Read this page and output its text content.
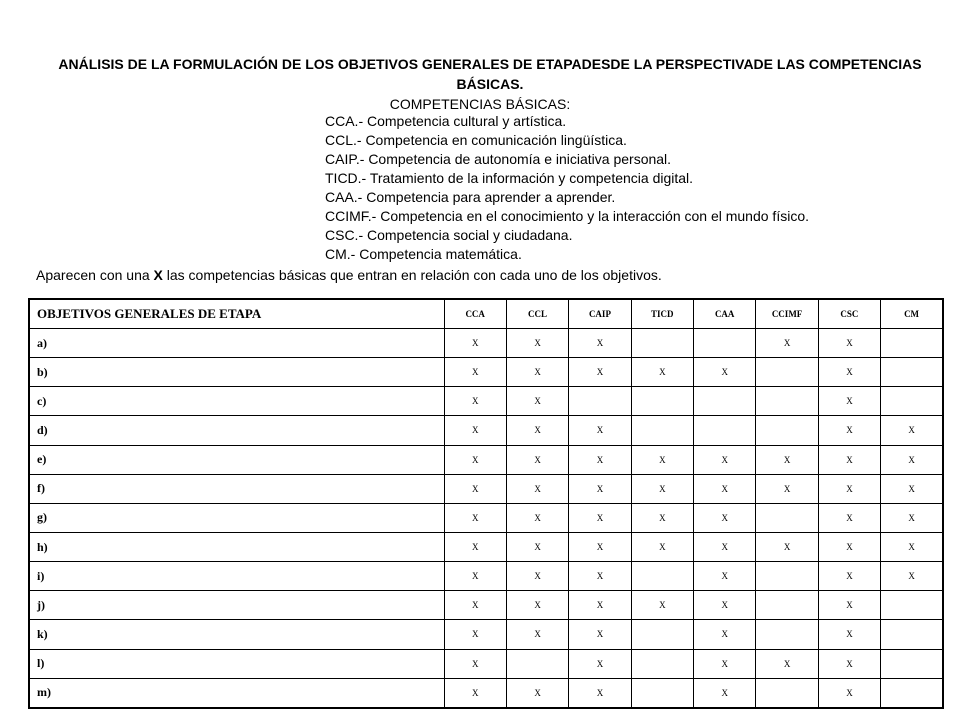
ANÁLISIS DE LA FORMULACIÓN DE LOS OBJETIVOS GENERALES DE ETAPADESDE LA PERSPECTIVADE LAS COMPETENCIAS BÁSICAS.
COMPETENCIAS BÁSICAS:
CCA.- Competencia cultural y artística.
CCL.- Competencia en comunicación lingüística.
CAIP.- Competencia de autonomía e iniciativa personal.
TICD.- Tratamiento de la información y competencia digital.
CAA.- Competencia para aprender a aprender.
CCIMF.- Competencia en el conocimiento y la interacción con el mundo físico.
CSC.- Competencia social y ciudadana.
CM.- Competencia matemática.
Aparecen con una X las competencias básicas que entran en relación con cada uno de los objetivos.
OBJETIVOS GENERALES DE ETAPA	CCA	CCL	CAIP	TICD	CAA	CCIMF	CSC	CM
a)	X	X	X			X	X	
b)	X	X	X	X	X		X	
c)	X	X					X	
d)	X	X	X				X	X
e)	X	X	X	X	X	X	X	X
f)	X	X	X	X	X	X	X	X
g)	X	X	X	X	X		X	X
h)	X	X	X	X	X	X	X	X
i)	X	X	X		X		X	X
j)	X	X	X	X	X		X	
k)	X	X	X		X		X	
l)	X		X		X	X	X	
m)	X	X	X		X		X	
